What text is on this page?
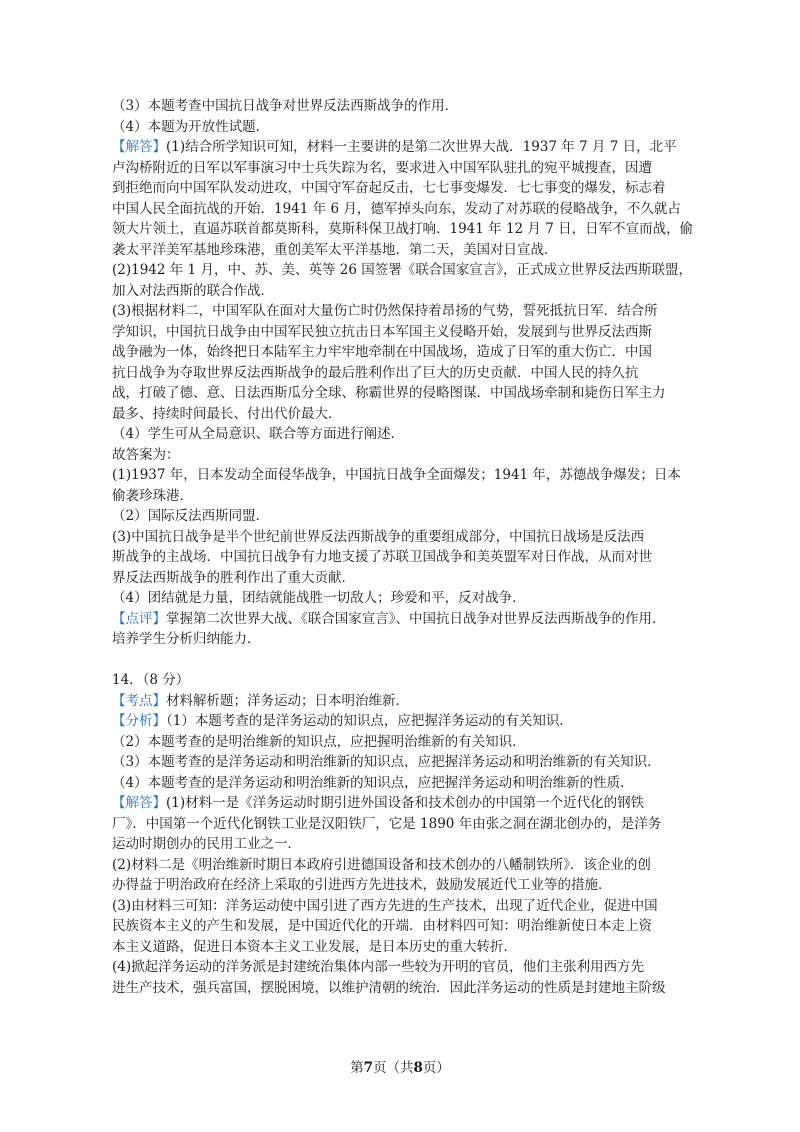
（3）本题考查中国抗日战争对世界反法西斯战争的作用．
（4）本题为开放性试题．
【解答】(1)结合所学知识可知，材料一主要讲的是第二次世界大战．1937 年 7 月 7 日，北平
卢沟桥附近的日军以军事演习中士兵失踪为名，要求进入中国军队驻扎的宛平城搜查，因遭
到拒绝而向中国军队发动进攻，中国守军奋起反击，七七事变爆发．七七事变的爆发，标志着
中国人民全面抗战的开始．1941 年 6 月，德军掉头向东，发动了对苏联的侵略战争，不久就占
领大片领土，直逼苏联首都莫斯科，莫斯科保卫战打响．1941 年 12 月 7 日，日军不宣而战，偷
袭太平洋美军基地珍珠港，重创美军太平洋基地．第二天，美国对日宣战．
(2)1942 年 1 月，中、苏、美、英等 26 国签署《联合国家宣言》，正式成立世界反法西斯联盟，
加入对法西斯的联合作战．
(3)根据材料二，中国军队在面对大量伤亡时仍然保持着昂扬的气势，誓死抵抗日军．结合所
学知识，中国抗日战争由中国军民独立抗击日本军国主义侵略开始，发展到与世界反法西斯
战争融为一体，始终把日本陆军主力牢牢地牵制在中国战场，造成了日军的重大伤亡．中国
抗日战争为夺取世界反法西斯战争的最后胜利作出了巨大的历史贡献．中国人民的持久抗
战，打破了德、意、日法西斯瓜分全球、称霸世界的侵略图谋．中国战场牵制和毙伤日军主力
最多、持续时间最长、付出代价最大．
（4）学生可从全局意识、联合等方面进行阐述．
故答案为：
(1)1937 年，日本发动全面侵华战争，中国抗日战争全面爆发；1941 年，苏德战争爆发；日本
偷袭珍珠港．
（2）国际反法西斯同盟．
(3)中国抗日战争是半个世纪前世界反法西斯战争的重要组成部分，中国抗日战场是反法西
斯战争的主战场．中国抗日战争有力地支援了苏联卫国战争和美英盟军对日作战，从而对世
界反法西斯战争的胜利作出了重大贡献．
（4）团结就是力量，团结就能战胜一切敌人；珍爱和平，反对战争．
【点评】掌握第二次世界大战、《联合国家宣言》、中国抗日战争对世界反法西斯战争的作用．
培养学生分析归纳能力．
14．（8 分）
【考点】材料解析题；洋务运动；日本明治维新．
【分析】（1）本题考查的是洋务运动的知识点，应把握洋务运动的有关知识．
（2）本题考查的是明治维新的知识点，应把握明治维新的有关知识．
（3）本题考查的是洋务运动和明治维新的知识点，应把握洋务运动和明治维新的有关知识．
（4）本题考查的是洋务运动和明治维新的知识点，应把握洋务运动和明治维新的性质．
【解答】(1)材料一是《洋务运动时期引进外国设备和技术创办的中国第一个近代化的钢铁
厂》．中国第一个近代化钢铁工业是汉阳铁厂，它是 1890 年由张之洞在湖北创办的，是洋务
运动时期创办的民用工业之一．
(2)材料二是《明治维新时期日本政府引进德国设备和技术创办的八幡制铁所》．该企业的创
办得益于明治政府在经济上采取的引进西方先进技术，鼓励发展近代工业等的措施．
(3)由材料三可知：洋务运动使中国引进了西方先进的生产技术，出现了近代企业，促进中国
民族资本主义的产生和发展，是中国近代化的开端．由材料四可知：明治维新使日本走上资
本主义道路，促进日本资本主义工业发展，是日本历史的重大转折．
(4)掀起洋务运动的洋务派是封建统治集体内部一些较为开明的官员，他们主张利用西方先
进生产技术，强兵富国，摆脱困境，以维护清朝的统治．因此洋务运动的性质是封建地主阶级
第7页（共8页）
